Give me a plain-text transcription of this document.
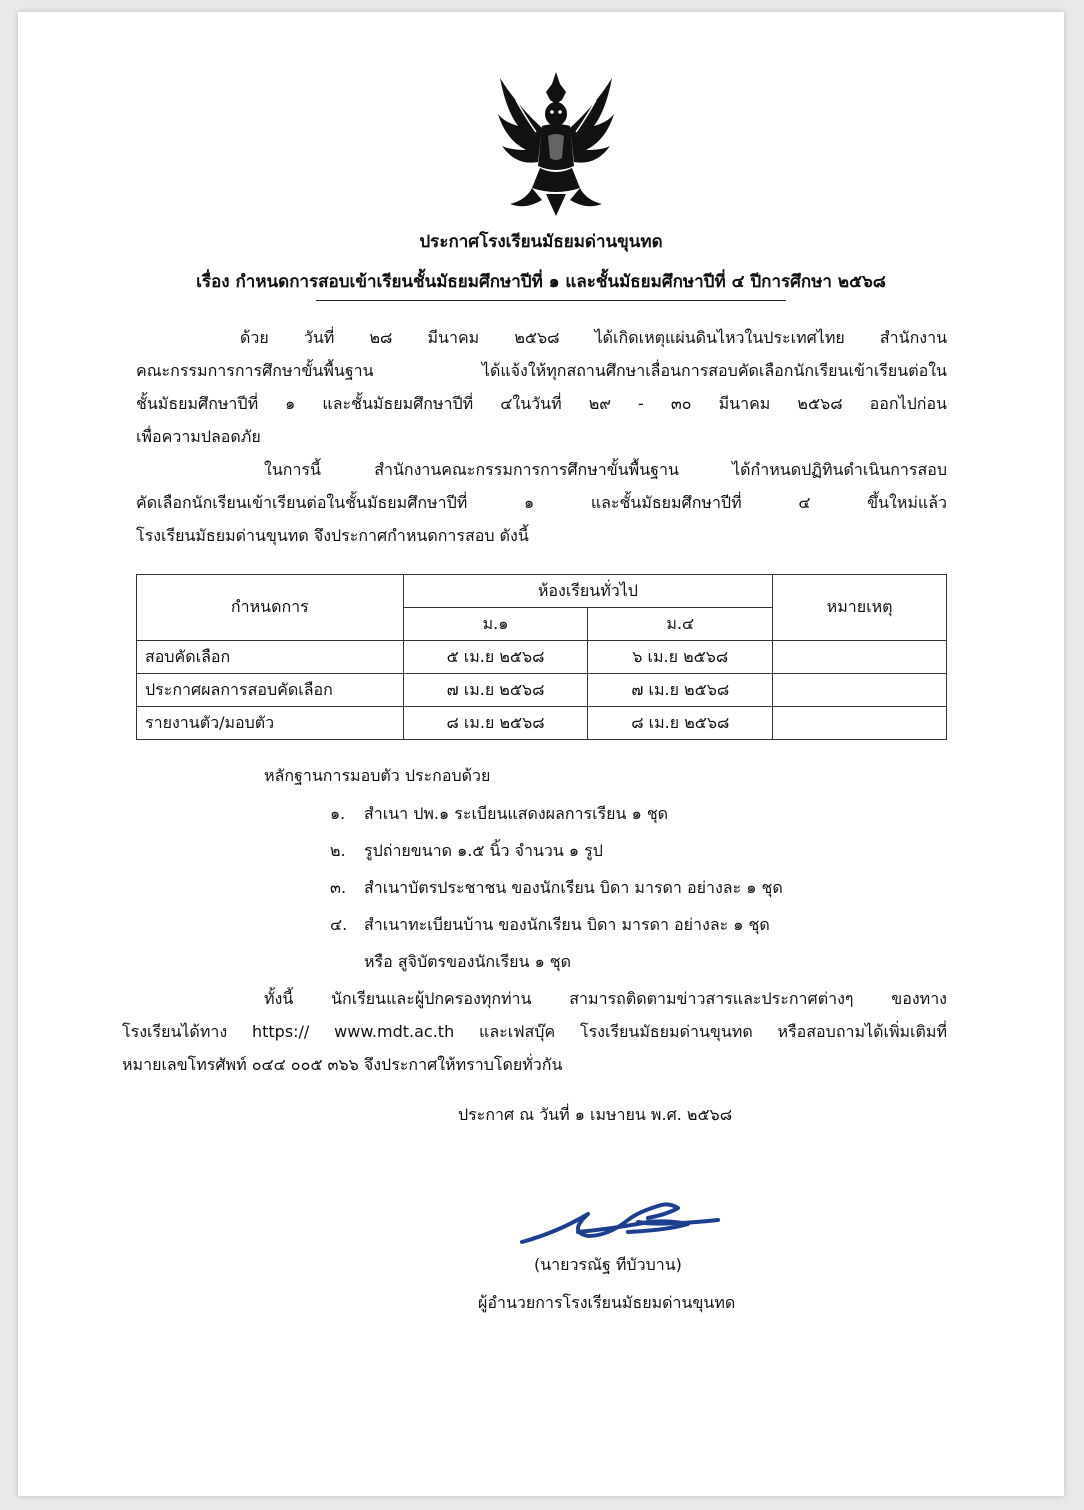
ประกาศโรงเรียนมัธยมด่านขุนทด
เรื่อง กำหนดการสอบเข้าเรียนชั้นมัธยมศึกษาปีที่ ๑ และชั้นมัธยมศึกษาปีที่ ๔ ปีการศึกษา ๒๕๖๘
ด้วย วันที่ ๒๘ มีนาคม ๒๕๖๘ ได้เกิดเหตุแผ่นดินไหวในประเทศไทย สำนักงาน
คณะกรรมการการศึกษาขั้นพื้นฐาน ได้แจ้งให้ทุกสถานศึกษาเลื่อนการสอบคัดเลือกนักเรียนเข้าเรียนต่อใน
ชั้นมัธยมศึกษาปีที่ ๑ และชั้นมัธยมศึกษาปีที่ ๔ในวันที่ ๒๙ - ๓๐ มีนาคม ๒๕๖๘ ออกไปก่อน
เพื่อความปลอดภัย
ในการนี้ สำนักงานคณะกรรมการการศึกษาขั้นพื้นฐาน ได้กำหนดปฏิทินดำเนินการสอบ
คัดเลือกนักเรียนเข้าเรียนต่อในชั้นมัธยมศึกษาปีที่ ๑ และชั้นมัธยมศึกษาปีที่ ๔ ขึ้นใหม่แล้ว
โรงเรียนมัธยมด่านขุนทด จึงประกาศกำหนดการสอบ ดังนี้
กำหนดการ	ห้องเรียนทั่วไป		หมายเหตุ
	ม.๑	ม.๔	
สอบคัดเลือก	๕ เม.ย ๒๕๖๘	๖ เม.ย ๒๕๖๘	
ประกาศผลการสอบคัดเลือก	๗ เม.ย ๒๕๖๘	๗ เม.ย ๒๕๖๘	
รายงานตัว/มอบตัว	๘ เม.ย ๒๕๖๘	๘ เม.ย ๒๕๖๘	
หลักฐานการมอบตัว ประกอบด้วย
๑. สำเนา ปพ.๑ ระเบียนแสดงผลการเรียน ๑ ชุด
๒. รูปถ่ายขนาด ๑.๕ นิ้ว จำนวน ๑ รูป
๓. สำเนาบัตรประชาชน ของนักเรียน บิดา มารดา อย่างละ ๑ ชุด
๔. สำเนาทะเบียนบ้าน ของนักเรียน บิดา มารดา อย่างละ ๑ ชุด
หรือ สูจิบัตรของนักเรียน ๑ ชุด
ทั้งนี้ นักเรียนและผู้ปกครองทุกท่าน สามารถติดตามข่าวสารและประกาศต่างๆ ของทาง
โรงเรียนได้ทาง https:// www.mdt.ac.th และเฟสบุ๊ค โรงเรียนมัธยมด่านขุนทด หรือสอบถามได้เพิ่มเติมที่
หมายเลขโทรศัพท์ ๐๔๔ ๐๐๕ ๓๖๖ จึงประกาศให้ทราบโดยทั่วกัน
ประกาศ ณ วันที่ ๑ เมษายน พ.ศ. ๒๕๖๘
(นายวรณัฐ ทีบัวบาน)
ผู้อำนวยการโรงเรียนมัธยมด่านขุนทด
